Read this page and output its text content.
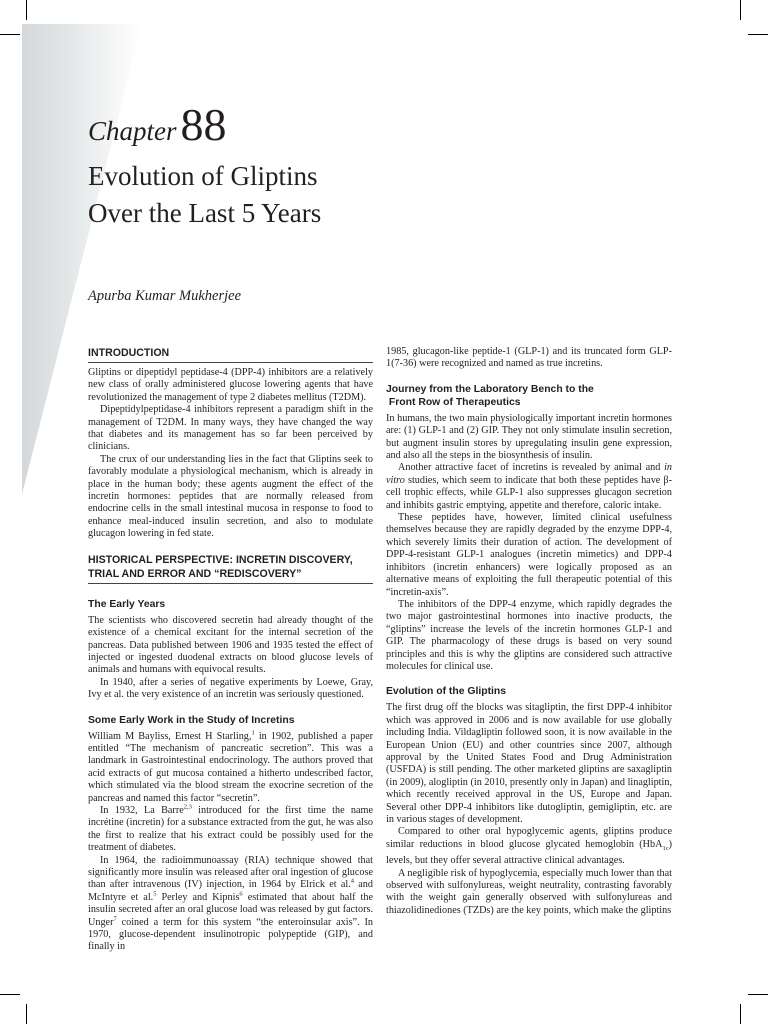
Chapter88
Evolution of Gliptins
Over the Last 5 Years
Apurba Kumar Mukherjee
INTRODUCTION

Gliptins or dipeptidyl peptidase-4 (DPP-4) inhibitors are a relatively new class of orally administered glucose lowering agents that have revolutionized the management of type 2 diabetes mellitus (T2DM).

Dipeptidylpeptidase-4 inhibitors represent a paradigm shift in the management of T2DM. In many ways, they have changed the way that diabetes and its management has so far been perceived by clinicians.

The crux of our understanding lies in the fact that Gliptins seek to favorably modulate a physiological mechanism, which is already in place in the human body; these agents augment the effect of the incretin hormones: peptides that are normally released from endocrine cells in the small intestinal mucosa in response to food to enhance meal-induced insulin secretion, and also to modulate glucagon lowering in fed state.

HISTORICAL PERSPECTIVE: INCRETIN DISCOVERY,
TRIAL AND ERROR AND “REDISCOVERY”
The Early Years

The scientists who discovered secretin had already thought of the existence of a chemical excitant for the internal secretion of the pancreas. Data published between 1906 and 1935 tested the effect of injected or ingested duodenal extracts on blood glucose levels of animals and humans with equivocal results.

In 1940, after a series of negative experiments by Loewe, Gray, Ivy et al. the very existence of an incretin was seriously questioned.

Some Early Work in the Study of Incretins

William M Bayliss, Ernest H Starling,$^1$ in 1902, published a paper entitled “The mechanism of pancreatic secretion”. This was a landmark in Gastrointestinal endocrinology. The authors proved that acid extracts of gut mucosa contained a hitherto undescribed factor, which stimulated via the blood stream the exocrine secretion of the pancreas and named this factor “secretin”.

In 1932, La Barre$^{2,3}$ introduced for the first time the name incrétine (incretin) for a substance extracted from the gut, he was also the first to realize that his extract could be possibly used for the treatment of diabetes.

In 1964, the radioimmunoassay (RIA) technique showed that significantly more insulin was released after oral ingestion of glucose than after intravenous (IV) injection, in 1964 by Elrick et al.$^4$ and McIntyre et al.$^5$ Perley and Kipnis$^6$ estimated that about half the insulin secreted after an oral glucose load was released by gut factors. Unger$^7$ coined a term for this system “the enteroinsular axis”. In 1970, glucose-dependent insulinotropic polypeptide (GIP), and finally in

1985, glucagon-like peptide-1 (GLP-1) and its truncated form GLP-1(7-36) were recognized and named as true incretins.

Journey from the Laboratory Bench to the
Front Row of Therapeutics

In humans, the two main physiologically important incretin hormones are: (1) GLP-1 and (2) GIP. They not only stimulate insulin secretion, but augment insulin stores by upregulating insulin gene expression, and also all the steps in the biosynthesis of insulin.

Another attractive facet of incretins is revealed by animal and in vitro studies, which seem to indicate that both these peptides have β-cell trophic effects, while GLP-1 also suppresses glucagon secretion and inhibits gastric emptying, appetite and therefore, caloric intake.

These peptides have, however, limited clinical usefulness themselves because they are rapidly degraded by the enzyme DPP-4, which severely limits their duration of action. The development of DPP-4-resistant GLP-1 analogues (incretin mimetics) and DPP-4 inhibitors (incretin enhancers) were logically proposed as an alternative means of exploiting the full therapeutic potential of this “incretin-axis”.

The inhibitors of the DPP-4 enzyme, which rapidly degrades the two major gastrointestinal hormones into inactive products, the “gliptins” increase the levels of the incretin hormones GLP-1 and GIP. The pharmacology of these drugs is based on very sound principles and this is why the gliptins are considered such attractive molecules for clinical use.

Evolution of the Gliptins

The first drug off the blocks was sitagliptin, the first DPP-4 inhibitor which was approved in 2006 and is now available for use globally including India. Vildagliptin followed soon, it is now available in the European Union (EU) and other countries since 2007, although approval by the United States Food and Drug Administration (USFDA) is still pending. The other marketed gliptins are saxagliptin (in 2009), alogliptin (in 2010, presently only in Japan) and linagliptin, which recently received approval in the US, Europe and Japan. Several other DPP-4 inhibitors like dutogliptin, gemigliptin, etc. are in various stages of development.

Compared to other oral hypoglycemic agents, gliptins produce similar reductions in blood glucose glycated hemoglobin (HbA$_{1c}$) levels, but they offer several attractive clinical advantages.

A negligible risk of hypoglycemia, especially much lower than that observed with sulfonylureas, weight neutrality, contrasting favorably with the weight gain generally observed with sulfonylureas and thiazolidinediones (TZDs) are the key points, which make the gliptins
